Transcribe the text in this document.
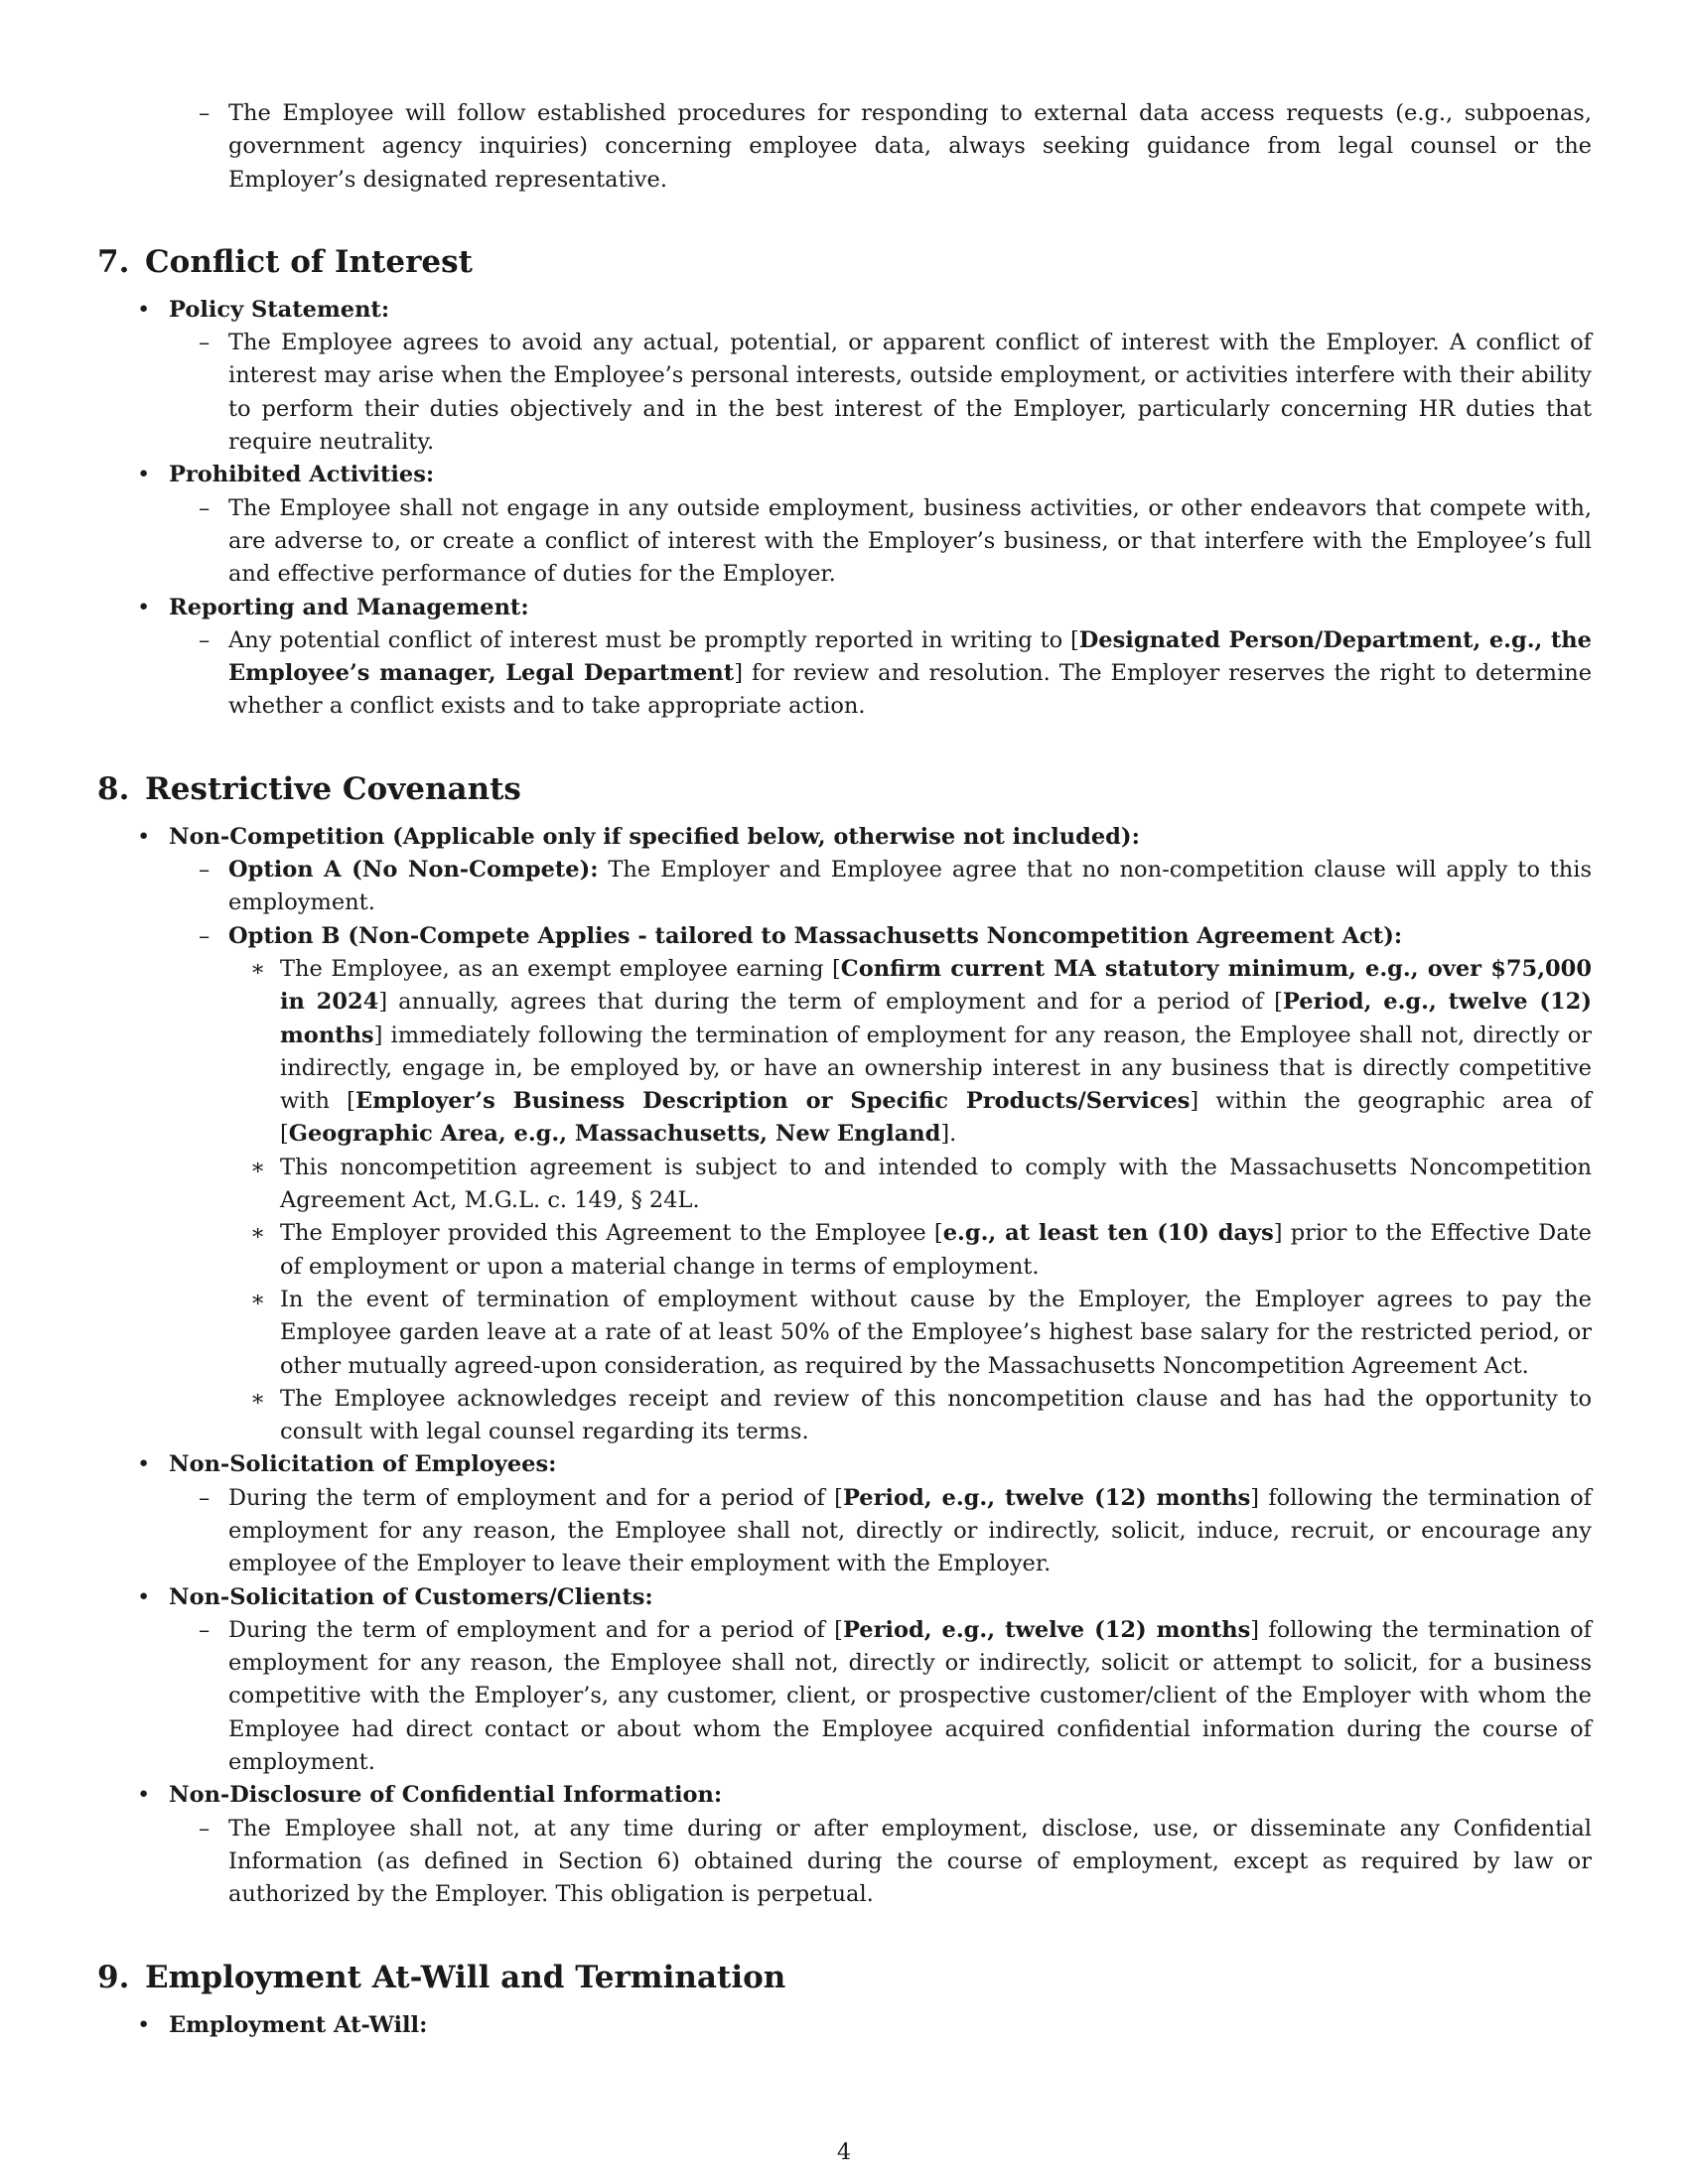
– The Employee will follow established procedures for responding to external data access requests (e.g., subpoenas, government agency inquiries) concerning employee data, always seeking guidance from legal counsel or the Employer’s designated representative.

7. Conflict of Interest
• Policy Statement:

– The Employee agrees to avoid any actual, potential, or apparent conflict of interest with the Employer. A conflict of interest may arise when the Employee’s personal interests, outside employment, or activities interfere with their ability to perform their duties objectively and in the best interest of the Employer, particularly concerning HR duties that require neutrality.

• Prohibited Activities:

– The Employee shall not engage in any outside employment, business activities, or other endeavors that compete with, are adverse to, or create a conflict of interest with the Employer’s business, or that interfere with the Employee’s full and effective performance of duties for the Employer.

• Reporting and Management:

– Any potential conflict of interest must be promptly reported in writing to [Designated Person/Department, e.g., the Employee’s manager, Legal Department] for review and resolution. The Employer reserves the right to determine whether a conflict exists and to take appropriate action.

8. Restrictive Covenants
• Non-Competition (Applicable only if specified below, otherwise not included):

– Option A (No Non-Compete): The Employer and Employee agree that no non-competition clause will apply to this employment.

– Option B (Non-Compete Applies - tailored to Massachusetts Noncompetition Agreement Act):

∗ The Employee, as an exempt employee earning [Confirm current MA statutory minimum, e.g., over $75,000 in 2024] annually, agrees that during the term of employment and for a period of [Period, e.g., twelve (12) months] immediately following the termination of employment for any reason, the Employee shall not, directly or indirectly, engage in, be employed by, or have an ownership interest in any business that is directly competitive with [Employer’s Business Description or Specific Products/Services] within the geographic area of [Geographic Area, e.g., Massachusetts, New England].

∗ This noncompetition agreement is subject to and intended to comply with the Massachusetts Noncompetition Agreement Act, M.G.L. c. 149, § 24L.

∗ The Employer provided this Agreement to the Employee [e.g., at least ten (10) days] prior to the Effective Date of employment or upon a material change in terms of employment.

∗ In the event of termination of employment without cause by the Employer, the Employer agrees to pay the Employee garden leave at a rate of at least 50% of the Employee’s highest base salary for the restricted period, or other mutually agreed-upon consideration, as required by the Massachusetts Noncompetition Agreement Act.

∗ The Employee acknowledges receipt and review of this noncompetition clause and has had the opportunity to consult with legal counsel regarding its terms.

• Non-Solicitation of Employees:

– During the term of employment and for a period of [Period, e.g., twelve (12) months] following the termination of employment for any reason, the Employee shall not, directly or indirectly, solicit, induce, recruit, or encourage any employee of the Employer to leave their employment with the Employer.

• Non-Solicitation of Customers/Clients:

– During the term of employment and for a period of [Period, e.g., twelve (12) months] following the termination of employment for any reason, the Employee shall not, directly or indirectly, solicit or attempt to solicit, for a business competitive with the Employer’s, any customer, client, or prospective customer/client of the Employer with whom the Employee had direct contact or about whom the Employee acquired confidential information during the course of employment.

• Non-Disclosure of Confidential Information:

– The Employee shall not, at any time during or after employment, disclose, use, or disseminate any Confidential Information (as defined in Section 6) obtained during the course of employment, except as required by law or authorized by the Employer. This obligation is perpetual.

9. Employment At-Will and Termination
• Employment At-Will:
4
